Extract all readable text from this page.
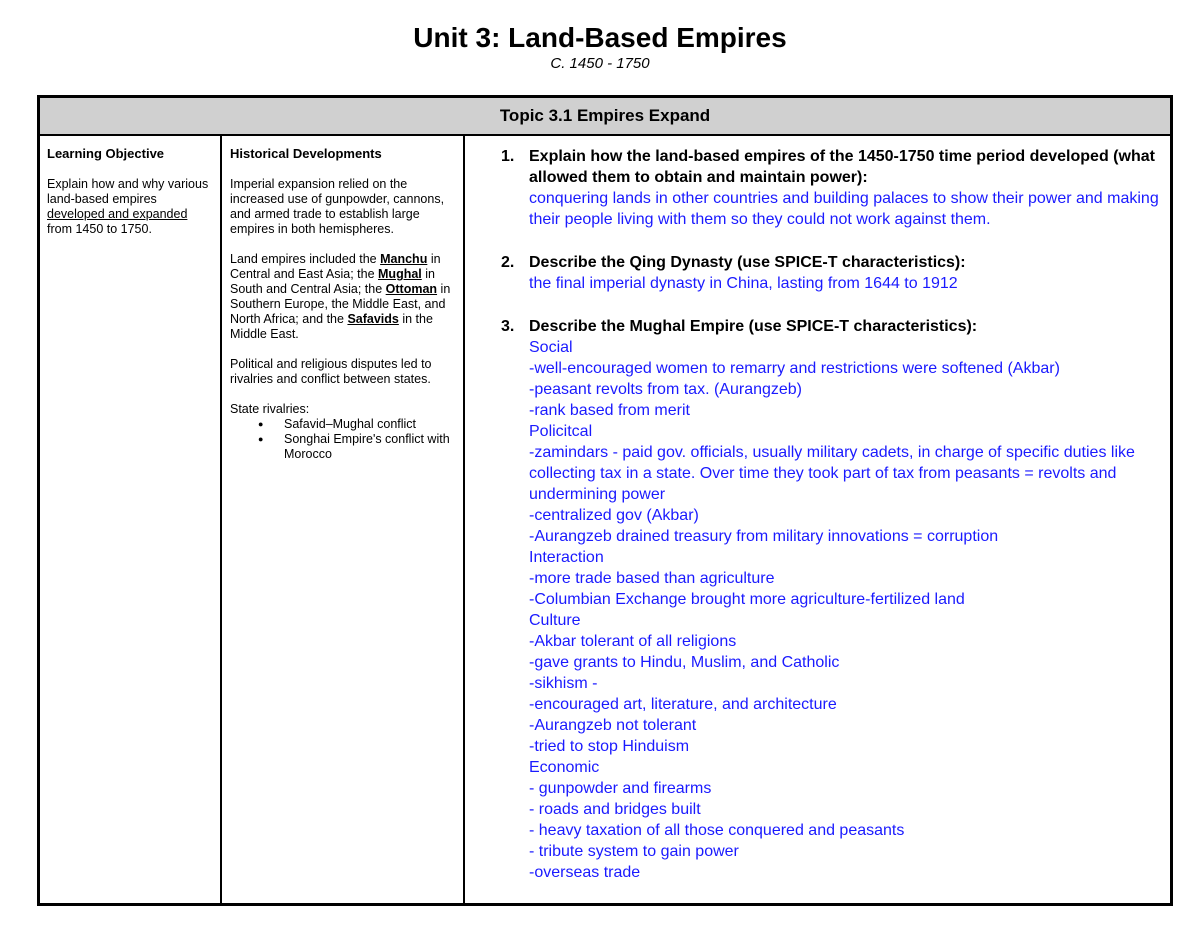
Unit 3: Land-Based Empires
C. 1450 - 1750
Topic 3.1 Empires Expand
Learning Objective
Explain how and why various land-based empires developed and expanded from 1450 to 1750.
Historical Developments
Imperial expansion relied on the increased use of gunpowder, cannons, and armed trade to establish large empires in both hemispheres.
Land empires included the Manchu in Central and East Asia; the Mughal in South and Central Asia; the Ottoman in Southern Europe, the Middle East, and North Africa; and the Safavids in the Middle East.
Political and religious disputes led to rivalries and conflict between states.
State rivalries:
● Safavid–Mughal conflict
● Songhai Empire's conflict with Morocco
1. Explain how the land-based empires of the 1450-1750 time period developed (what allowed them to obtain and maintain power):
conquering lands in other countries and building palaces to show their power and making their people living with them so they could not work against them.
2. Describe the Qing Dynasty (use SPICE-T characteristics):
the final imperial dynasty in China, lasting from 1644 to 1912
3. Describe the Mughal Empire (use SPICE-T characteristics):
Social
-well-encouraged women to remarry and restrictions were softened (Akbar)
-peasant revolts from tax. (Aurangzeb)
-rank based from merit
Policitcal
-zamindars - paid gov. officials, usually military cadets, in charge of specific duties like collecting tax in a state. Over time they took part of tax from peasants = revolts and undermining power
-centralized gov (Akbar)
-Aurangzeb drained treasury from military innovations = corruption
Interaction
-more trade based than agriculture
-Columbian Exchange brought more agriculture-fertilized land
Culture
-Akbar tolerant of all religions
-gave grants to Hindu, Muslim, and Catholic
-sikhism -
-encouraged art, literature, and architecture
-Aurangzeb not tolerant
-tried to stop Hinduism
Economic
- gunpowder and firearms
- roads and bridges built
- heavy taxation of all those conquered and peasants
- tribute system to gain power
-overseas trade
